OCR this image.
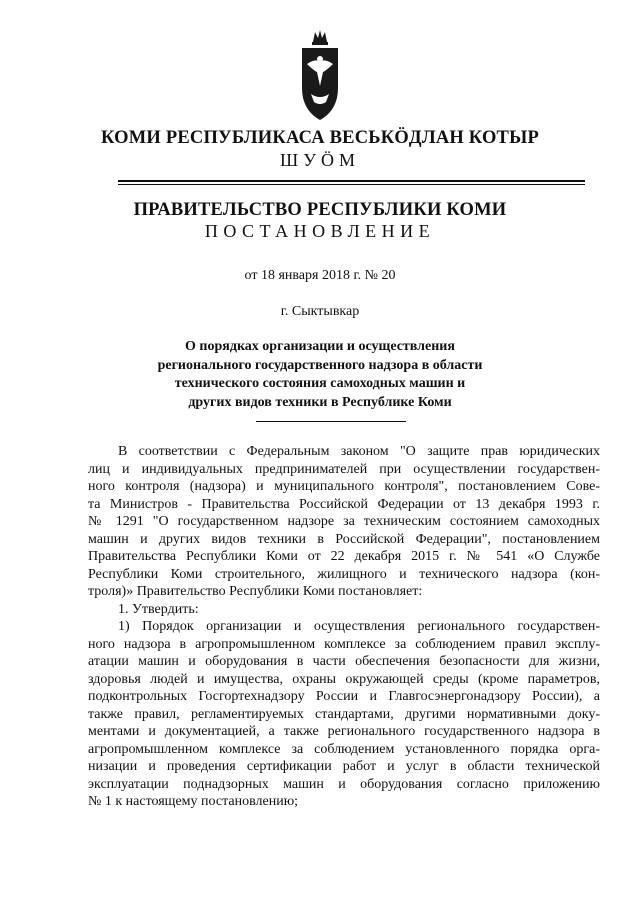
КОМИ РЕСПУБЛИКАСА ВЕСЬКӦДЛАН КОТЫР
ШУӦМ
ПРАВИТЕЛЬСТВО РЕСПУБЛИКИ КОМИ
ПОСТАНОВЛЕНИЕ
от 18 января 2018 г. № 20
г. Сыктывкар
О порядках организации и осуществления
регионального государственного надзора в области
технического состояния самоходных машин и
других видов техники в Республике Коми
В соответствии с Федеральным законом "О защите прав юридических
лиц и индивидуальных предпринимателей при осуществлении государствен-
ного контроля (надзора) и муниципального контроля", постановлением Сове-
та Министров - Правительства Российской Федерации от 13 декабря 1993 г.
№ 1291 "О государственном надзоре за техническим состоянием самоходных
машин и других видов техники в Российской Федерации", постановлением
Правительства Республики Коми от 22 декабря 2015 г. № 541 «О Службе
Республики Коми строительного, жилищного и технического надзора (кон-
троля)» Правительство Республики Коми постановляет:
1. Утвердить:
1) Порядок организации и осуществления регионального государствен-
ного надзора в агропромышленном комплексе за соблюдением правил эксплу-
атации машин и оборудования в части обеспечения безопасности для жизни,
здоровья людей и имущества, охраны окружающей среды (кроме параметров,
подконтрольных Госгортехнадзору России и Главгосэнергонадзору России), а
также правил, регламентируемых стандартами, другими нормативными доку-
ментами и документацией, а также регионального государственного надзора в
агропромышленном комплексе за соблюдением установленного порядка орга-
низации и проведения сертификации работ и услуг в области технической
эксплуатации поднадзорных машин и оборудования согласно приложению
№ 1 к настоящему постановлению;
